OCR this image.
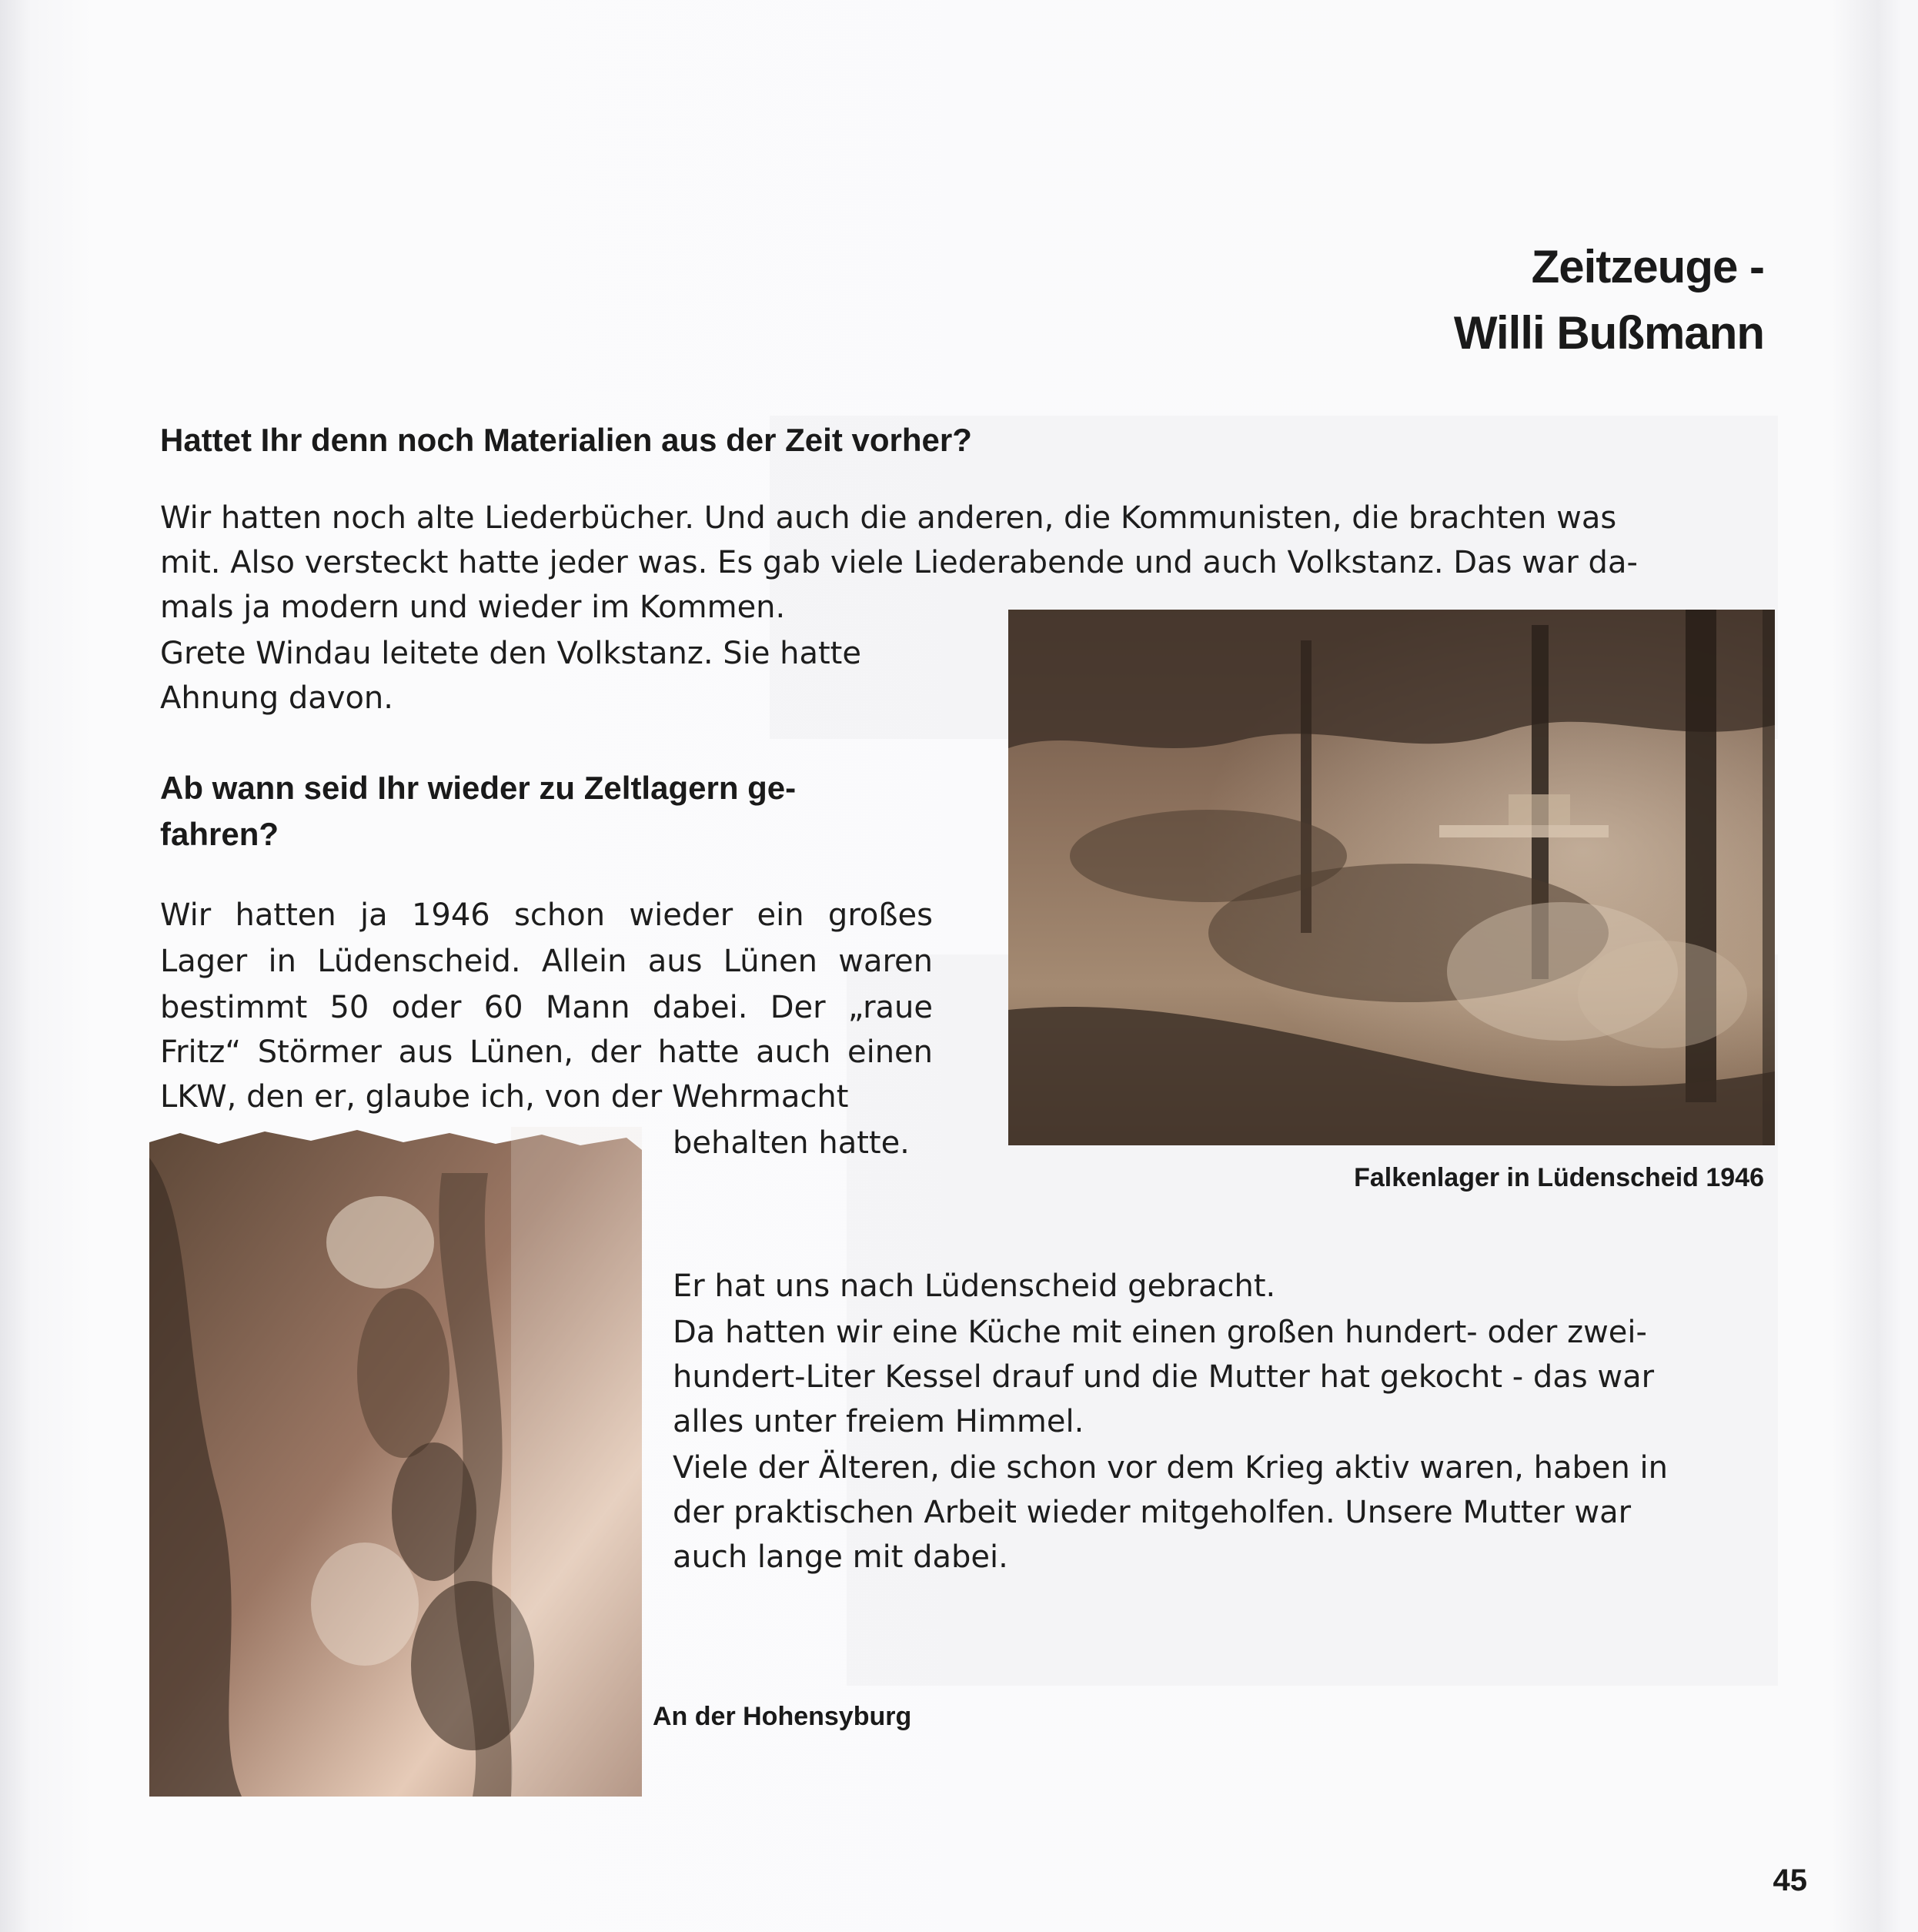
Zeitzeuge -
Willi Bußmann
Hattet Ihr denn noch Materialien aus der Zeit vorher?
Wir hatten noch alte Liederbücher. Und auch die anderen, die Kommunisten, die brachten was
mit. Also versteckt hatte jeder was. Es gab viele Liederabende und auch Volkstanz. Das war da-
mals ja modern und wieder im Kommen.
Grete Windau leitete den Volkstanz. Sie hatte
Ahnung davon.
Ab wann seid Ihr wieder zu Zeltlagern ge-
fahren?
Wir hatten ja 1946 schon wieder ein großes
Lager in Lüdenscheid. Allein aus Lünen waren
bestimmt 50 oder 60 Mann dabei. Der „raue
Fritz“ Störmer aus Lünen, der hatte auch einen
LKW, den er, glaube ich, von der Wehrmacht
behalten hatte.
Falkenlager in Lüdenscheid 1946
An der Hohensyburg
Er hat uns nach Lüdenscheid gebracht.
Da hatten wir eine Küche mit einen großen hundert- oder zwei-
hundert-Liter Kessel drauf und die Mutter hat gekocht - das war
alles unter freiem Himmel.
Viele der Älteren, die schon vor dem Krieg aktiv waren, haben in
der praktischen Arbeit wieder mitgeholfen. Unsere Mutter war
auch lange mit dabei.
45
